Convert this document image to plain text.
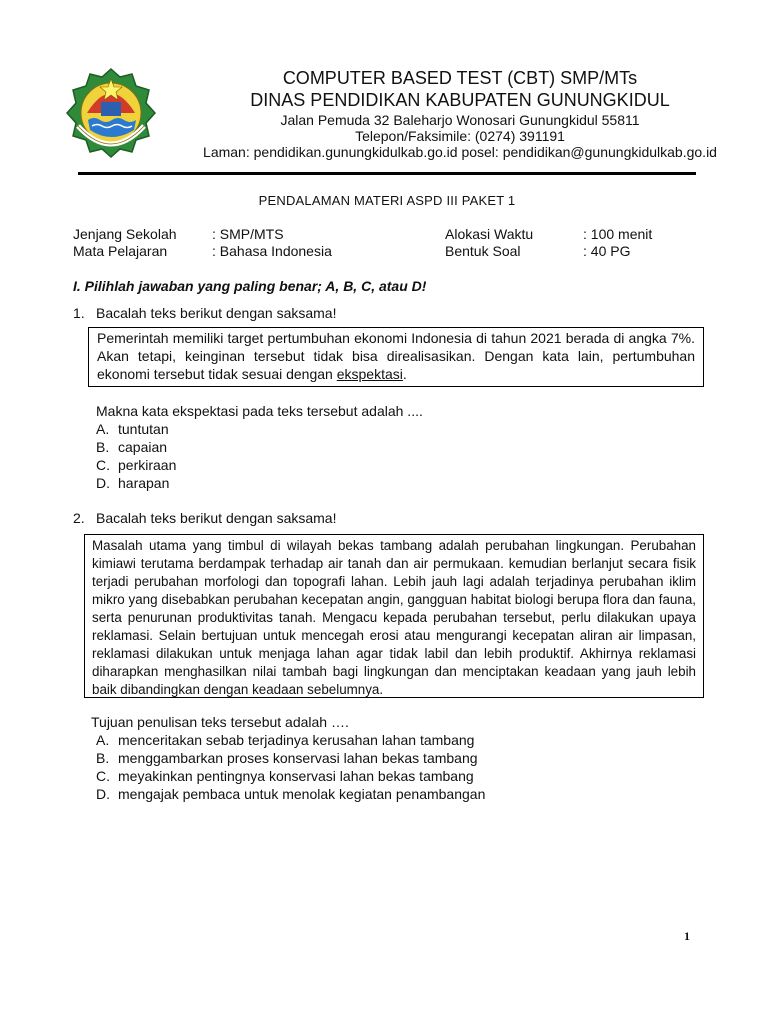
COMPUTER BASED TEST (CBT) SMP/MTs
DINAS PENDIDIKAN KABUPATEN GUNUNGKIDUL
Jalan Pemuda 32 Baleharjo Wonosari Gunungkidul 55811
Telepon/Faksimile: (0274) 391191
Laman: pendidikan.gunungkidulkab.go.id posel: pendidikan@gunungkidulkab.go.id
PENDALAMAN MATERI ASPD III PAKET 1
Jenjang Sekolah	: SMP/MTS	Alokasi Waktu	: 100 menit
Mata Pelajaran	: Bahasa Indonesia	Bentuk Soal	: 40 PG
I. Pilihlah jawaban yang paling benar; A, B, C, atau D!
1. Bacalah teks berikut dengan saksama!
Pemerintah memiliki target pertumbuhan ekonomi Indonesia di tahun 2021 berada di angka 7%. Akan tetapi, keinginan tersebut tidak bisa direalisasikan. Dengan kata lain, pertumbuhan ekonomi tersebut tidak sesuai dengan ekspektasi.
Makna kata ekspektasi pada teks tersebut adalah ....
A. tuntutan
B. capaian
C. perkiraan
D. harapan
2. Bacalah teks berikut dengan saksama!
Masalah utama yang timbul di wilayah bekas tambang adalah perubahan lingkungan. Perubahan kimiawi terutama berdampak terhadap air tanah dan air permukaan. kemudian berlanjut secara fisik terjadi perubahan morfologi dan topografi lahan. Lebih jauh lagi adalah terjadinya perubahan iklim mikro yang disebabkan perubahan kecepatan angin, gangguan habitat biologi berupa flora dan fauna, serta penurunan produktivitas tanah. Mengacu kepada perubahan tersebut, perlu dilakukan upaya reklamasi. Selain bertujuan untuk mencegah erosi atau mengurangi kecepatan aliran air limpasan, reklamasi dilakukan untuk menjaga lahan agar tidak labil dan lebih produktif. Akhirnya reklamasi diharapkan menghasilkan nilai tambah bagi lingkungan dan menciptakan keadaan yang jauh lebih baik dibandingkan dengan keadaan sebelumnya.
Tujuan penulisan teks tersebut adalah ….
A. menceritakan sebab terjadinya kerusahan lahan tambang
B. menggambarkan proses konservasi lahan bekas tambang
C. meyakinkan pentingnya konservasi lahan bekas tambang
D. mengajak pembaca untuk menolak kegiatan penambangan
1
